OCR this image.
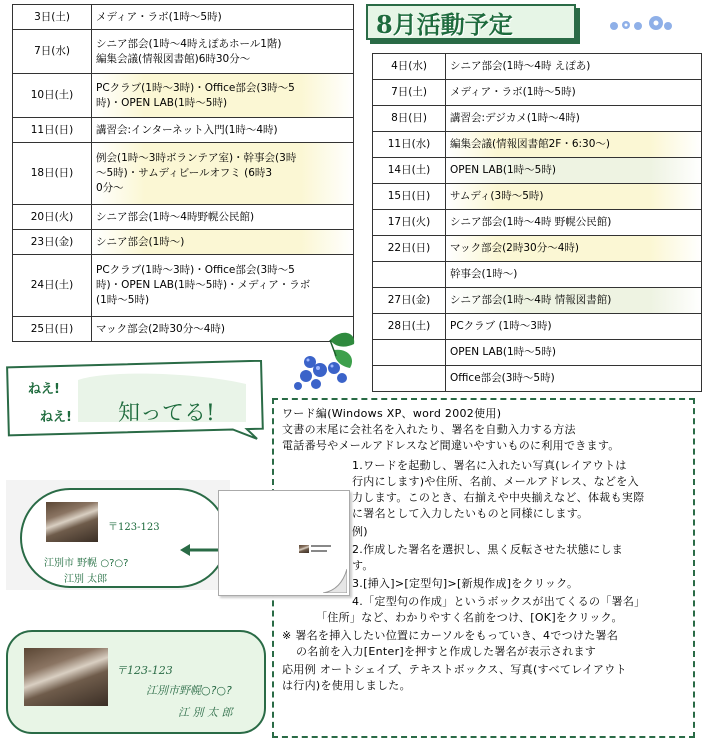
3日(土)	メディア・ラボ(1時〜5時)

7日(水)	シニア部会(1時〜4時えぽあホール1階)
編集会議(情報図書館)6時30分〜

10日(土)	PCクラブ(1時〜3時)・Office部会(3時〜5
時)・OPEN LAB(1時〜5時)

11日(日)	講習会:インターネット入門(1時〜4時)

18日(日)	例会(1時〜3時ボランテア室)・幹事会(3時
〜5時)・サムディビールオフミ (6時3
0分〜

20日(火)	シニア部会(1時〜4時野幌公民館)

23日(金)	シニア部会(1時〜)

24日(土)	PCクラブ(1時〜3時)・Office部会(3時〜5
時)・OPEN LAB(1時〜5時)・メディア・ラボ
(1時〜5時)

25日(日)	マック部会(2時30分〜4時)
8月活動予定
4日(水)	シニア部会(1時〜4時 えぽあ)
7日(土)	メディア・ラボ(1時〜5時)
8日(日)	講習会:デジカメ(1時〜4時)
11日(水)	編集会議(情報図書館2F・6:30〜)
14日(土)	OPEN LAB(1時〜5時)
15日(日)	サムディ(3時〜5時)
17日(火)	シニア部会(1時〜4時 野幌公民館)
22日(日)	マック部会(2時30分〜4時)
	幹事会(1時〜)
27日(金)	シニア部会(1時〜4時 情報図書館)
28日(土)	PCクラブ (1時〜3時)
	OPEN LAB(1時〜5時)
	Office部会(3時〜5時)
ねえ!
ねえ! 知ってる!	ワード編(Windows XP、word 2002使用)
文書の末尾に会社名を入れたり、署名を自動入力する方法
電話番号やメールアドレスなど間違いやすいものに利用できます。
1.ワードを起動し、署名に入れたい写真(レイアウトは
行内にします)や住所、名前、メールアドレス、などを入
力します。このとき、右揃えや中央揃えなど、体裁も実際
に署名として入力したいものと同様にします。
例)
2.作成した署名を選択し、黒く反転させた状態にしま
す。
3.[挿入]>[定型句]>[新規作成]をクリック。
4.「定型句の作成」というボックスが出てくるの「署名」
「住所」など、わかりやすく名前をつけ、[OK]をクリック。
※ 署名を挿入したい位置にカーソルをもっていき、4でつけた署名
の名前を入力[Enter]を押すと作成した署名が表示されます
応用例 オートシェイブ、テキストボックス、写真(すべてレイアウト
は行内)を使用しました。
〒123-123
江別市 野幌 ○?○?
江別 太郎
〒123-123
江別市野幌○?○?
江 別 太 郎
